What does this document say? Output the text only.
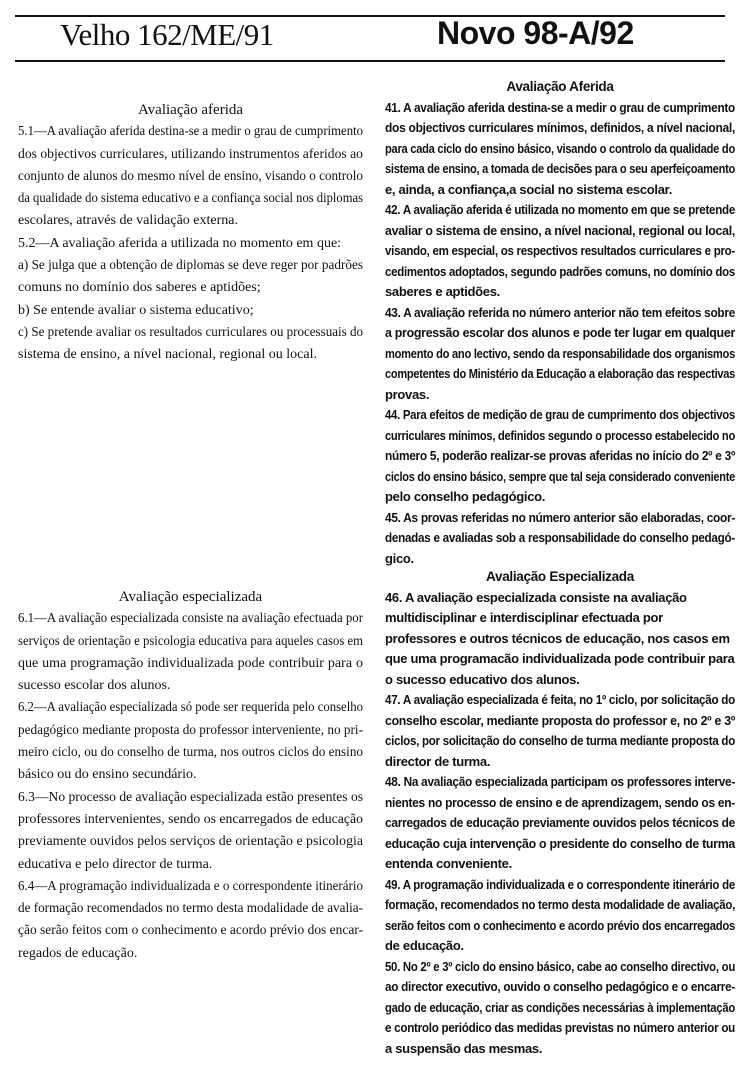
Velho 162/ME/91	Novo 98-A/92
Avaliação aferida
5.1—A avaliação aferida destina-se a medir o grau de cumprimento
dos objectivos curriculares, utilizando instrumentos aferidos ao
conjunto de alunos do mesmo nível de ensino, visando o controlo
da qualidade do sistema educativo e a confiança social nos diplomas
escolares, através de validação externa.
5.2—A avaliação aferida a utilizada no momento em que:
a) Se julga que a obtenção de diplomas se deve reger por padrões
comuns no domínio dos saberes e aptidões;
b) Se entende avaliar o sistema educativo;
c) Se pretende avaliar os resultados curriculares ou processuais do
sistema de ensino, a nível nacional, regional ou local.
Avaliação especializada
6.1—A avaliação especializada consiste na avaliação efectuada por
serviços de orientação e psicologia educativa para aqueles casos em
que uma programação individualizada pode contribuir para o
sucesso escolar dos alunos.
6.2—A avaliação especializada só pode ser requerida pelo conselho
pedagógico mediante proposta do professor interveniente, no pri-
meiro ciclo, ou do conselho de turma, nos outros ciclos do ensino
básico ou do ensino secundário.
6.3—No processo de avaliação especializada estão presentes os
professores intervenientes, sendo os encarregados de educação
previamente ouvidos pelos serviços de orientação e psicologia
educativa e pelo director de turma.
6.4—A programação individualizada e o correspondente itinerário
de formação recomendados no termo desta modalidade de avalia-
ção serão feitos com o conhecimento e acordo prévio dos encar-
regados de educação.
Avaliação Aferida
41. A avaliação aferida destina-se a medir o grau de cumprimento
dos objectivos curriculares mínimos, definidos, a nível nacional,
para cada ciclo do ensino básico, visando o controlo da qualidade do
sistema de ensino, a tomada de decisões para o seu aperfeiçoamento
e, ainda, a confiança,a social no sistema escolar.
42. A avaliação aferida é utilizada no momento em que se pretende
avaliar o sistema de ensino, a nível nacional, regional ou local,
visando, em especial, os respectivos resultados curriculares e pro-
cedimentos adoptados, segundo padrões comuns, no domínio dos
saberes e aptidões.
43. A avaliação referida no número anterior não tem efeitos sobre
a progressão escolar dos alunos e pode ter lugar em qualquer
momento do ano lectivo, sendo da responsabilidade dos organismos
competentes do Ministério da Educação a elaboração das respectivas
provas.
44. Para efeitos de medição de grau de cumprimento dos objectivos
curriculares mínimos, definidos segundo o processo estabelecido no
número 5, poderão realizar-se provas aferidas no início do 2º e 3º
ciclos do ensino básico, sempre que tal seja considerado conveniente
pelo conselho pedagógico.
45. As provas referidas no número anterior são elaboradas, coor-
denadas e avaliadas sob a responsabilidade do conselho pedagó-
gico.
Avaliação Especializada
46. A avaliação especializada consiste na avaliação
multidisciplinar e interdisciplinar efectuada por
professores e outros técnicos de educação, nos casos em
que uma programacão individualizada pode contribuir para
o sucesso educativo dos alunos.
47. A avaliação especializada é feita, no 1º ciclo, por solicitação do
conselho escolar, mediante proposta do professor e, no 2º e 3º
ciclos, por solicitação do conselho de turma mediante proposta do
director de turma.
48. Na avaliação especializada participam os professores interve-
nientes no processo de ensino e de aprendizagem, sendo os en-
carregados de educação previamente ouvidos pelos técnicos de
educação cuja intervenção o presidente do conselho de turma
entenda conveniente.
49. A programação individualizada e o correspondente itinerário de
formação, recomendados no termo desta modalidade de avaliação,
serão feitos com o conhecimento e acordo prévio dos encarregados
de educação.
50. No 2º e 3º ciclo do ensino básico, cabe ao conselho directivo, ou
ao director executivo, ouvido o conselho pedagógico e o encarre-
gado de educação, criar as condições necessárias à implementação
e controlo periódico das medidas previstas no número anterior ou
a suspensão das mesmas.
